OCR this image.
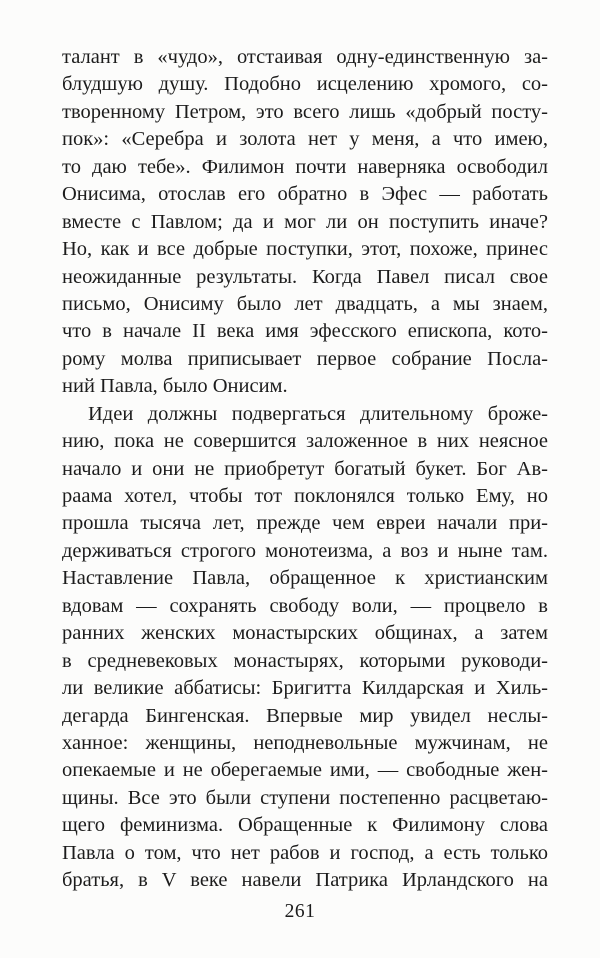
талант в «чудо», отстаивая одну-единственную за-
блудшую душу. Подобно исцелению хромого, со-
творенному Петром, это всего лишь «добрый посту-
пок»: «Серебра и золота нет у меня, а что имею,
то даю тебе». Филимон почти наверняка освободил
Онисима, отослав его обратно в Эфес — работать
вместе с Павлом; да и мог ли он поступить иначе?
Но, как и все добрые поступки, этот, похоже, принес
неожиданные результаты. Когда Павел писал свое
письмо, Онисиму было лет двадцать, а мы знаем,
что в начале II века имя эфесского епископа, кото-
рому молва приписывает первое собрание Посла-
ний Павла, было Онисим.
Идеи должны подвергаться длительному броже-
нию, пока не совершится заложенное в них неясное
начало и они не приобретут богатый букет. Бог Ав-
раама хотел, чтобы тот поклонялся только Ему, но
прошла тысяча лет, прежде чем евреи начали при-
держиваться строгого монотеизма, а воз и ныне там.
Наставление Павла, обращенное к христианским
вдовам — сохранять свободу воли, — процвело в
ранних женских монастырских общинах, а затем
в средневековых монастырях, которыми руководи-
ли великие аббатисы: Бригитта Килдарская и Хиль-
дегарда Бингенская. Впервые мир увидел неслы-
ханное: женщины, неподневольные мужчинам, не
опекаемые и не оберегаемые ими, — свободные жен-
щины. Все это были ступени постепенно расцветаю-
щего феминизма. Обращенные к Филимону слова
Павла о том, что нет рабов и господ, а есть только
братья, в V веке навели Патрика Ирландского на
261
